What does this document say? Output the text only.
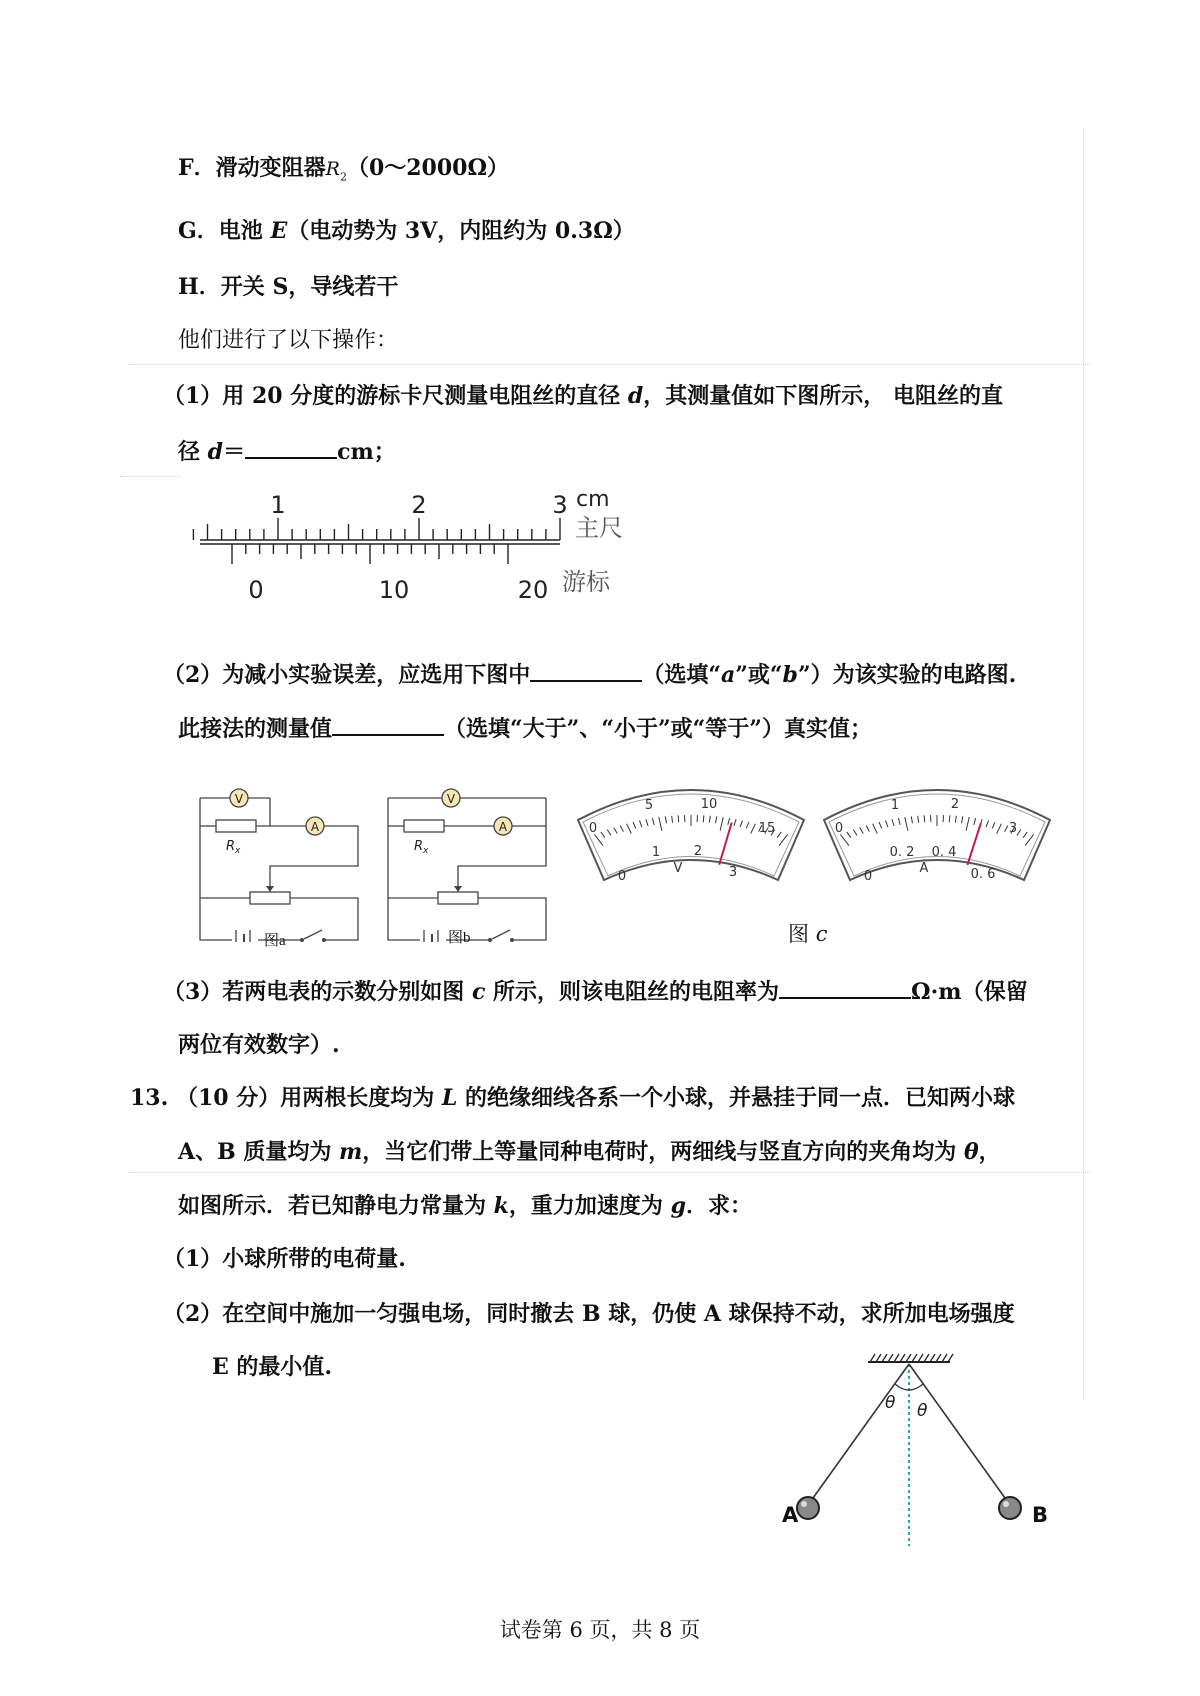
F．滑动变阻器$R_2(0\sim 2000\Omega)$
G．电池 E（电动势为 3V，内阻约为 0.3Ω）
H．开关 S，导线若干
他们进行了以下操作：
（1）用 20 分度的游标卡尺测量电阻丝的直径 d，其测量值如下图所示， 电阻丝的直
径 d＝	cm；
1	2	3 cm
主尺
0	10	20 游标
（2）为减小实验误差，应选用下图中	（选填“a”或“b”）为该实验的电路图.
此接法的测量值	（选填“大于”、“小于”或“等于”）真实值；
V
A
$R_x$
图a
V
A
$R_x$
图b
0
5	10
15
0
1	2
3
V
0
1	2
3
0
0. 2 0. 4
0. 6
A
图 c
（3）若两电表的示数分别如图 c 所示，则该电阻丝的电阻率为	Ω·m（保留
两位有效数字）.
13. （10 分）用两根长度均为 L 的绝缘细线各系一个小球，并悬挂于同一点．已知两小球
A、B 质量均为 m，当它们带上等量同种电荷时，两细线与竖直方向的夹角均为 θ，
如图所示．若已知静电力常量为 k，重力加速度为 g．求：
（1）小球所带的电荷量.
（2）在空间中施加一匀强电场，同时撤去 B 球，仍使 A 球保持不动，求所加电场强度
E 的最小值.
θ θ
A	B
试卷第 6 页，共 8 页
